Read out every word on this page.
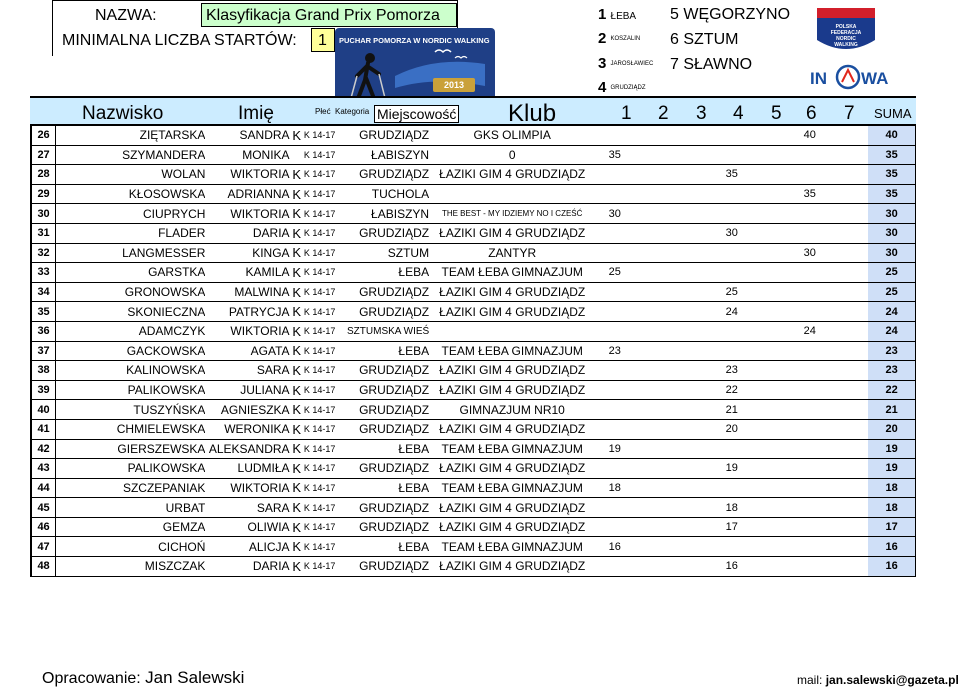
NAZWA:	Klasyfikacja Grand Prix Pomorza
MINIMALNA LICZBA STARTÓW:	1	PUCHAR POMORZA W NORDIC WALKING
2013
1 ŁEBA
2 KOSZALIN
3 JAROSŁAWIEC
4 GRUDZIĄDZ
5 WĘGORZYNO
6 SZTUM
7 SŁAWNO
POLSKA
FEDERACJA
NORDIC
WALKING
IN WA
Nazwisko	Imię	Płeć Kategoria Miejscowość Klub	1 2 3 4 5 6 7 SUMA
26	ZIĘTARSKA	SANDRA	K	K 14-17	GRUDZIĄDZ	GKS OLIMPIA						40		40
27	SZYMANDERA	MONIKA		K 14-17	ŁABISZYN	0	35							35
28	WOLAN	WIKTORIA	K	K 14-17	GRUDZIĄDZ	ŁAZIKI GIM 4 GRUDZIĄDZ				35				35
29	KŁOSOWSKA	ADRIANNA	K	K 14-17	TUCHOLA							35		35
30	CIUPRYCH	WIKTORIA	K	K 14-17	ŁABISZYN	THE BEST - MY IDZIEMY NO I CZEŚĆ	30							30
31	FLADER	DARIA	K	K 14-17	GRUDZIĄDZ	ŁAZIKI GIM 4 GRUDZIĄDZ				30				30
32	LANGMESSER	KINGA	K	K 14-17	SZTUM	ZANTYR						30		30
33	GARSTKA	KAMILA	K	K 14-17	ŁEBA	TEAM ŁEBA GIMNAZJUM	25							25
34	GRONOWSKA	MALWINA	K	K 14-17	GRUDZIĄDZ	ŁAZIKI GIM 4 GRUDZIĄDZ				25				25
35	SKONIECZNA	PATRYCJA	K	K 14-17	GRUDZIĄDZ	ŁAZIKI GIM 4 GRUDZIĄDZ				24				24
36	ADAMCZYK	WIKTORIA	K	K 14-17	SZTUMSKA WIEŚ							24		24
37	GACKOWSKA	AGATA	K	K 14-17	ŁEBA	TEAM ŁEBA GIMNAZJUM	23							23
38	KALINOWSKA	SARA	K	K 14-17	GRUDZIĄDZ	ŁAZIKI GIM 4 GRUDZIĄDZ				23				23
39	PALIKOWSKA	JULIANA	K	K 14-17	GRUDZIĄDZ	ŁAZIKI GIM 4 GRUDZIĄDZ				22				22
40	TUSZYŃSKA	AGNIESZKA	K	K 14-17	GRUDZIĄDZ	GIMNAZJUM NR10				21				21
41	CHMIELEWSKA	WERONIKA	K	K 14-17	GRUDZIĄDZ	ŁAZIKI GIM 4 GRUDZIĄDZ				20				20
42	GIERSZEWSKA	ALEKSANDRA	K	K 14-17	ŁEBA	TEAM ŁEBA GIMNAZJUM	19							19
43	PALIKOWSKA	LUDMIŁA	K	K 14-17	GRUDZIĄDZ	ŁAZIKI GIM 4 GRUDZIĄDZ				19				19
44	SZCZEPANIAK	WIKTORIA	K	K 14-17	ŁEBA	TEAM ŁEBA GIMNAZJUM	18							18
45	URBAT	SARA	K	K 14-17	GRUDZIĄDZ	ŁAZIKI GIM 4 GRUDZIĄDZ				18				18
46	GEMZA	OLIWIA	K	K 14-17	GRUDZIĄDZ	ŁAZIKI GIM 4 GRUDZIĄDZ				17				17
47	CICHOŃ	ALICJA	K	K 14-17	ŁEBA	TEAM ŁEBA GIMNAZJUM	16							16
48	MISZCZAK	DARIA	K	K 14-17	GRUDZIĄDZ	ŁAZIKI GIM 4 GRUDZIĄDZ				16				16
Opracowanie: Jan Salewski	mail: jan.salewski@gazeta.pl
